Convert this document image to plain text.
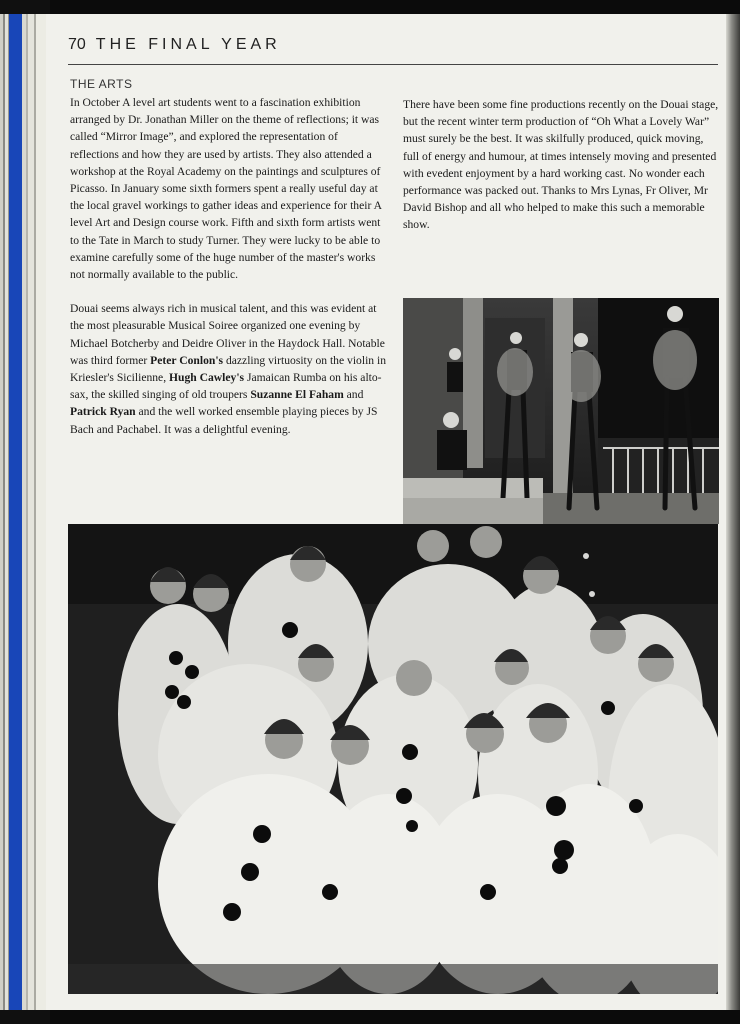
70 THE FINAL YEAR
THE ARTS

In October A level art students went to a fascination exhibition arranged by Dr. Jonathan Miller on the theme of reflections; it was called “Mirror Image”, and explored the representation of reflections and how they are used by artists. They also attended a workshop at the Royal Academy on the paintings and sculptures of Picasso. In January some sixth formers spent a really useful day at the local gravel workings to gather ideas and experience for their A level Art and Design course work. Fifth and sixth form artists went to the Tate in March to study Turner. They were lucky to be able to examine carefully some of the huge number of the master's works not normally available to the public.

Douai seems always rich in musical talent, and this was evident at the most pleasurable Musical Soiree organized one evening by Michael Botcherby and Deidre Oliver in the Haydock Hall. Notable was third former Peter Conlon's dazzling virtuosity on the violin in Kriesler's Sicilienne, Hugh Cawley's Jamaican Rumba on his alto-sax, the skilled singing of old troupers Suzanne El Faham and Patrick Ryan and the well worked ensemble playing pieces by JS Bach and Pachabel. It was a delightful evening.

There have been some fine productions recently on the Douai stage, but the recent winter term production of “Oh What a Lovely War” must surely be the best. It was skilfully produced, quick moving, full of energy and humour, at times intensely moving and presented with evedent enjoyment by a hard working cast. No wonder each performance was packed out. Thanks to Mrs Lynas, Fr Oliver, Mr David Bishop and all who helped to make this such a memorable show.
